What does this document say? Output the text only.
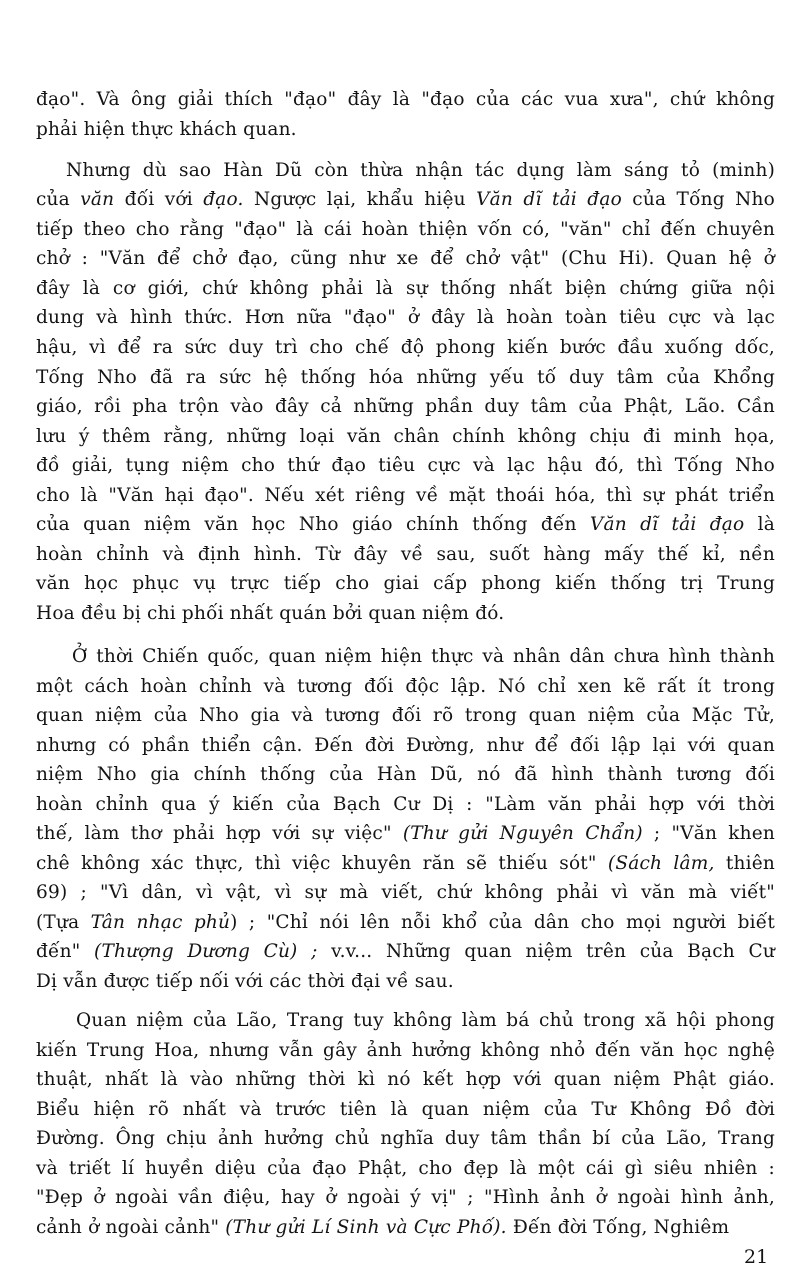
đạo". Và ông giải thích "đạo" đây là "đạo của các vua xưa", chứ không
phải hiện thực khách quan.
Nhưng dù sao Hàn Dũ còn thừa nhận tác dụng làm sáng tỏ (minh)
của văn đối với đạo. Ngược lại, khẩu hiệu Văn dĩ tải đạo của Tống Nho
tiếp theo cho rằng "đạo" là cái hoàn thiện vốn có, "văn" chỉ đến chuyên
chở : "Văn để chở đạo, cũng như xe để chở vật" (Chu Hi). Quan hệ ở
đây là cơ giới, chứ không phải là sự thống nhất biện chứng giữa nội
dung và hình thức. Hơn nữa "đạo" ở đây là hoàn toàn tiêu cực và lạc
hậu, vì để ra sức duy trì cho chế độ phong kiến bước đầu xuống dốc,
Tống Nho đã ra sức hệ thống hóa những yếu tố duy tâm của Khổng
giáo, rồi pha trộn vào đây cả những phần duy tâm của Phật, Lão. Cần
lưu ý thêm rằng, những loại văn chân chính không chịu đi minh họa,
đồ giải, tụng niệm cho thứ đạo tiêu cực và lạc hậu đó, thì Tống Nho
cho là "Văn hại đạo". Nếu xét riêng về mặt thoái hóa, thì sự phát triển
của quan niệm văn học Nho giáo chính thống đến Văn dĩ tải đạo là
hoàn chỉnh và định hình. Từ đây về sau, suốt hàng mấy thế kỉ, nền
văn học phục vụ trực tiếp cho giai cấp phong kiến thống trị Trung
Hoa đều bị chi phối nhất quán bởi quan niệm đó.
Ở thời Chiến quốc, quan niệm hiện thực và nhân dân chưa hình thành
một cách hoàn chỉnh và tương đối độc lập. Nó chỉ xen kẽ rất ít trong
quan niệm của Nho gia và tương đối rõ trong quan niệm của Mặc Tử,
nhưng có phần thiển cận. Đến đời Đường, như để đối lập lại với quan
niệm Nho gia chính thống của Hàn Dũ, nó đã hình thành tương đối
hoàn chỉnh qua ý kiến của Bạch Cư Dị : "Làm văn phải hợp với thời
thế, làm thơ phải hợp với sự việc" (Thư gửi Nguyên Chẩn) ; "Văn khen
chê không xác thực, thì việc khuyên răn sẽ thiếu sót" (Sách lâm, thiên
69) ; "Vì dân, vì vật, vì sự mà viết, chứ không phải vì văn mà viết"
(Tựa Tân nhạc phủ) ; "Chỉ nói lên nỗi khổ của dân cho mọi người biết
đến" (Thượng Dương Cù) ; v.v... Những quan niệm trên của Bạch Cư
Dị vẫn được tiếp nối với các thời đại về sau.
Quan niệm của Lão, Trang tuy không làm bá chủ trong xã hội phong
kiến Trung Hoa, nhưng vẫn gây ảnh hưởng không nhỏ đến văn học nghệ
thuật, nhất là vào những thời kì nó kết hợp với quan niệm Phật giáo.
Biểu hiện rõ nhất và trước tiên là quan niệm của Tư Không Đồ đời
Đường. Ông chịu ảnh hưởng chủ nghĩa duy tâm thần bí của Lão, Trang
và triết lí huyền diệu của đạo Phật, cho đẹp là một cái gì siêu nhiên :
"Đẹp ở ngoài vần điệu, hay ở ngoài ý vị" ; "Hình ảnh ở ngoài hình ảnh,
cảnh ở ngoài cảnh" (Thư gửi Lí Sinh và Cực Phố). Đến đời Tống, Nghiêm
21
